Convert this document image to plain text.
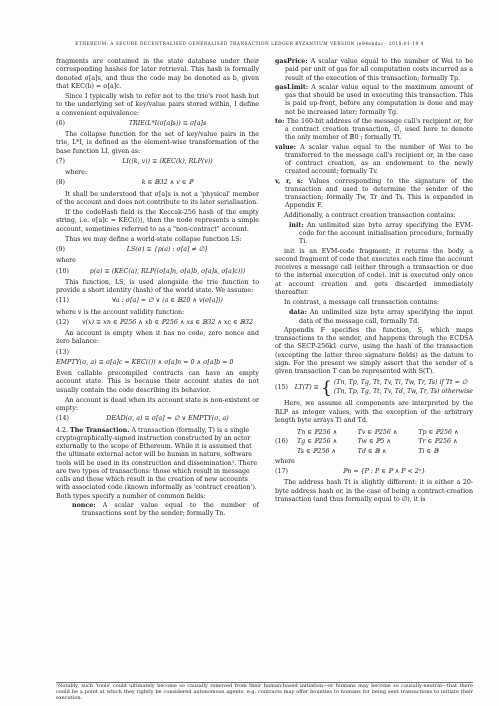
ETHEREUM: A SECURE DECENTRALISED GENERALISED TRANSACTION LEDGER BYZANTIUM VERSION (e94ebda) - 2018-01-19 4

fragments are contained in the state database under their corresponding hashes for later retrieval. This hash is formally denoted σ[a]s, and thus the code may be denoted as b, given that KEC(b) = σ[a]c.

Since I typically wish to refer not to the trie's root hash but to the underlying set of key/value pairs stored within, I define a convenient equivalence:

(6)	TRIE(L*I(σ[a]s)) ≡ σ[a]s

The collapse function for the set of key/value pairs in the trie, L*I, is defined as the element-wise transformation of the base function LI, given as:

(7)	LI((k, v)) ≡ (KEC(k), RLP(v))

where:

(8)	k ∈ 𝔹32 ∧ v ∈ ℙ

It shall be understood that σ[a]s is not a 'physical' member of the account and does not contribute to its later serialisation.

If the codeHash field is the Keccak-256 hash of the empty string, i.e. σ[a]c = KEC(()), then the node represents a simple account, sometimes referred to as a "non-contract" account.

Thus we may define a world-state collapse function LS:

(9)	LS(σ) ≡ {p(a) : σ[a] ≠ ∅}

where

(10)	p(a) ≡ (KEC(a), RLP((σ[a]n, σ[a]b, σ[a]s, σ[a]c)))

This function, LS, is used alongside the trie function to provide a short identity (hash) of the world state. We assume:

(11)	∀a : σ[a] = ∅ ∨ (a ∈ 𝔹20 ∧ v(σ[a]))

where v is the account validity function:

(12)	v(x) ≡ xn ∈ ℙ256 ∧ xb ∈ ℙ256 ∧ xs ∈ 𝔹32 ∧ xc ∈ 𝔹32

An account is empty when it has no code, zero nonce and zero balance:

(13)
EMPTY(σ, a) ≡ σ[a]c = KEC(()) ∧ σ[a]n = 0 ∧ σ[a]b = 0

Even callable precompiled contracts can have an empty account state. This is because their account states do not usually contain the code describing its behavior.

An account is dead when its account state is non-existent or empty:

(14)	DEAD(σ, a) ≡ σ[a] = ∅ ∨ EMPTY(σ, a)
4.2. The Transaction. A transaction (formally, T) is a single cryptographically-signed instruction constructed by an actor externally to the scope of Ethereum. While it is assumed that the ultimate external actor will be human in nature, software tools will be used in its construction and dissemination¹. There are two types of transactions: those which result in message calls and those which result in the creation of new accounts with associated code (known informally as 'contract creation'). Both types specify a number of common fields:
nonce: A scalar value equal to the number of transactions sent by the sender; formally Tn.
gasPrice: A scalar value equal to the number of Wei to be paid per unit of gas for all computation costs incurred as a result of the execution of this transaction; formally Tp.
gasLimit: A scalar value equal to the maximum amount of gas that should be used in executing this transaction. This is paid up-front, before any computation is done and may not be increased later; formally Tg.
to: The 160-bit address of the message call's recipient or, for a contract creation transaction, ∅, used here to denote the only member of 𝔹0 ; formally Tt.
value: A scalar value equal to the number of Wei to be transferred to the message call's recipient or, in the case of contract creation, as an endowment to the newly created account; formally Tv.
v, r, s: Values corresponding to the signature of the transaction and used to determine the sender of the transaction; formally Tw, Tr and Ts. This is expanded in Appendix F.

Additionally, a contract creation transaction contains:

init: An unlimited size byte array specifying the EVM-code for the account initialisation procedure, formally Ti.

init is an EVM-code fragment; it returns the body, a second fragment of code that executes each time the account receives a message call (either through a transaction or due to the internal execution of code). init is executed only once at account creation and gets discarded immediately thereafter.

In contrast, a message call transaction contains:

data: An unlimited size byte array specifying the input data of the message call, formally Td.

Appendix F specifies the function, S, which maps transactions to the sender, and happens through the ECDSA of the SECP-256k1 curve, using the hash of the transaction (excepting the latter three signature fields) as the datum to sign. For the present we simply assert that the sender of a given transaction T can be represented with S(T).

(15)	LT(T) ≡ { (Tn, Tp, Tg, Tt, Tv, Ti, Tw, Tr, Ts) if Tt = ∅
(Tn, Tp, Tg, Tt, Tv, Td, Tw, Tr, Ts) otherwise

Here, we assume all components are interpreted by the RLP as integer values, with the exception of the arbitrary length byte arrays Ti and Td.

(16)
Tn ∈ ℙ256 ∧	Tv ∈ ℙ256 ∧	Tp ∈ ℙ256 ∧
Tg ∈ ℙ256 ∧	Tw ∈ ℙ5 ∧	Tr ∈ ℙ256 ∧
Ts ∈ ℙ256 ∧	Td ∈ 𝔹 ∧	Ti ∈ 𝔹

where

(17)	ℙn = {P : P ∈ ℙ ∧ P < 2ⁿ}

The address hash Tt is slightly different: it is either a 20-byte address hash or, in the case of being a contract-creation transaction (and thus formally equal to ∅), it is

¹Notably, such 'tools' could ultimately become so causally removed from their human-based initiation—or humans may become so causally-neutral—that there could be a point at which they rightly be considered autonomous agents. e.g. contracts may offer bounties to humans for being sent transactions to initiate their execution.
